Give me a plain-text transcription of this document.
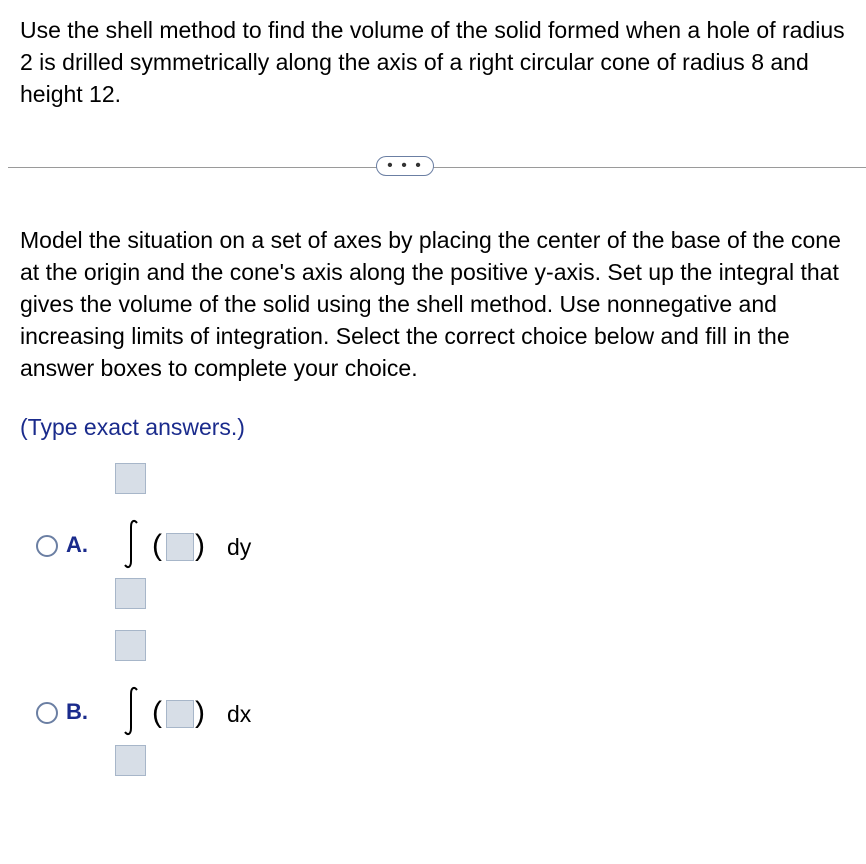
Use the shell method to find the volume of the solid formed when a hole of radius 2 is drilled symmetrically along the axis of a right circular cone of radius 8 and height 12.

• • •

Model the situation on a set of axes by placing the center of the base of the cone at the origin and the cone's axis along the positive y-axis. Set up the integral that gives the volume of the solid using the shell method. Use nonnegative and increasing limits of integration. Select the correct choice below and fill in the answer boxes to complete your choice.

(Type exact answers.)

A. ( ) dy
B. ( ) dx
